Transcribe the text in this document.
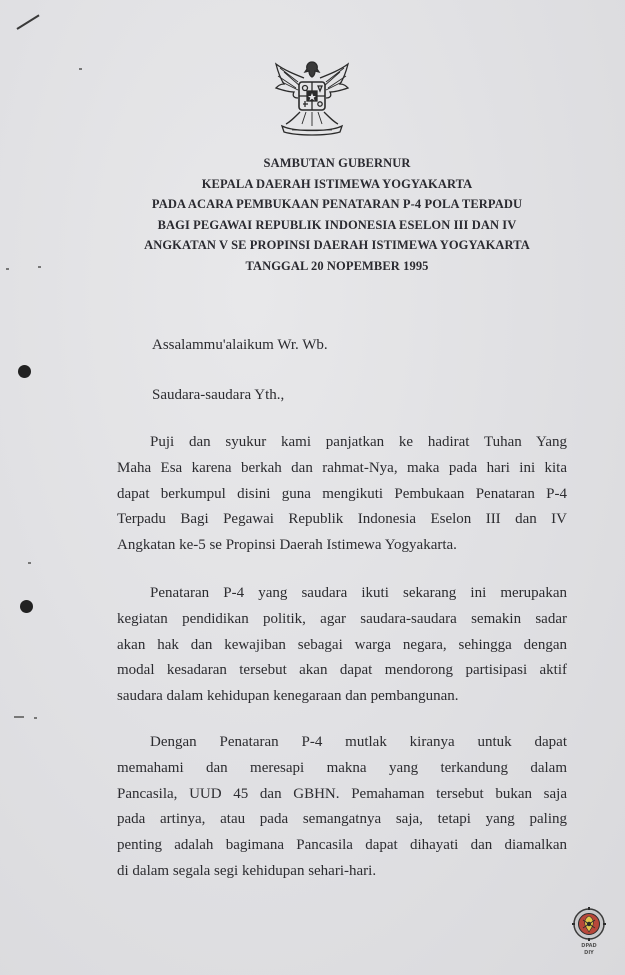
SAMBUTAN GUBERNUR
KEPALA DAERAH ISTIMEWA YOGYAKARTA
PADA ACARA PEMBUKAAN PENATARAN P-4 POLA TERPADU
BAGI PEGAWAI REPUBLIK INDONESIA ESELON III DAN IV
ANGKATAN V SE PROPINSI DAERAH ISTIMEWA YOGYAKARTA
TANGGAL 20 NOPEMBER 1995
Assalammu'alaikum Wr. Wb.
Saudara-saudara Yth.,
Puji dan syukur kami panjatkan ke hadirat Tuhan Yang
Maha Esa karena berkah dan rahmat-Nya, maka pada hari ini kita
dapat berkumpul disini guna mengikuti Pembukaan Penataran P-4
Terpadu Bagi Pegawai Republik Indonesia Eselon III dan IV
Angkatan ke-5 se Propinsi Daerah Istimewa Yogyakarta.
Penataran P-4 yang saudara ikuti sekarang ini merupakan
kegiatan pendidikan politik, agar saudara-saudara semakin sadar
akan hak dan kewajiban sebagai warga negara, sehingga dengan
modal kesadaran tersebut akan dapat mendorong partisipasi aktif
saudara dalam kehidupan kenegaraan dan pembangunan.
Dengan Penataran P-4 mutlak kiranya untuk dapat
memahami dan meresapi makna yang terkandung dalam
Pancasila, UUD 45 dan GBHN. Pemahaman tersebut bukan saja
pada artinya, atau pada semangatnya saja, tetapi yang paling
penting adalah bagimana Pancasila dapat dihayati dan diamalkan
di dalam segala segi kehidupan sehari-hari.
DPAD
DIY
